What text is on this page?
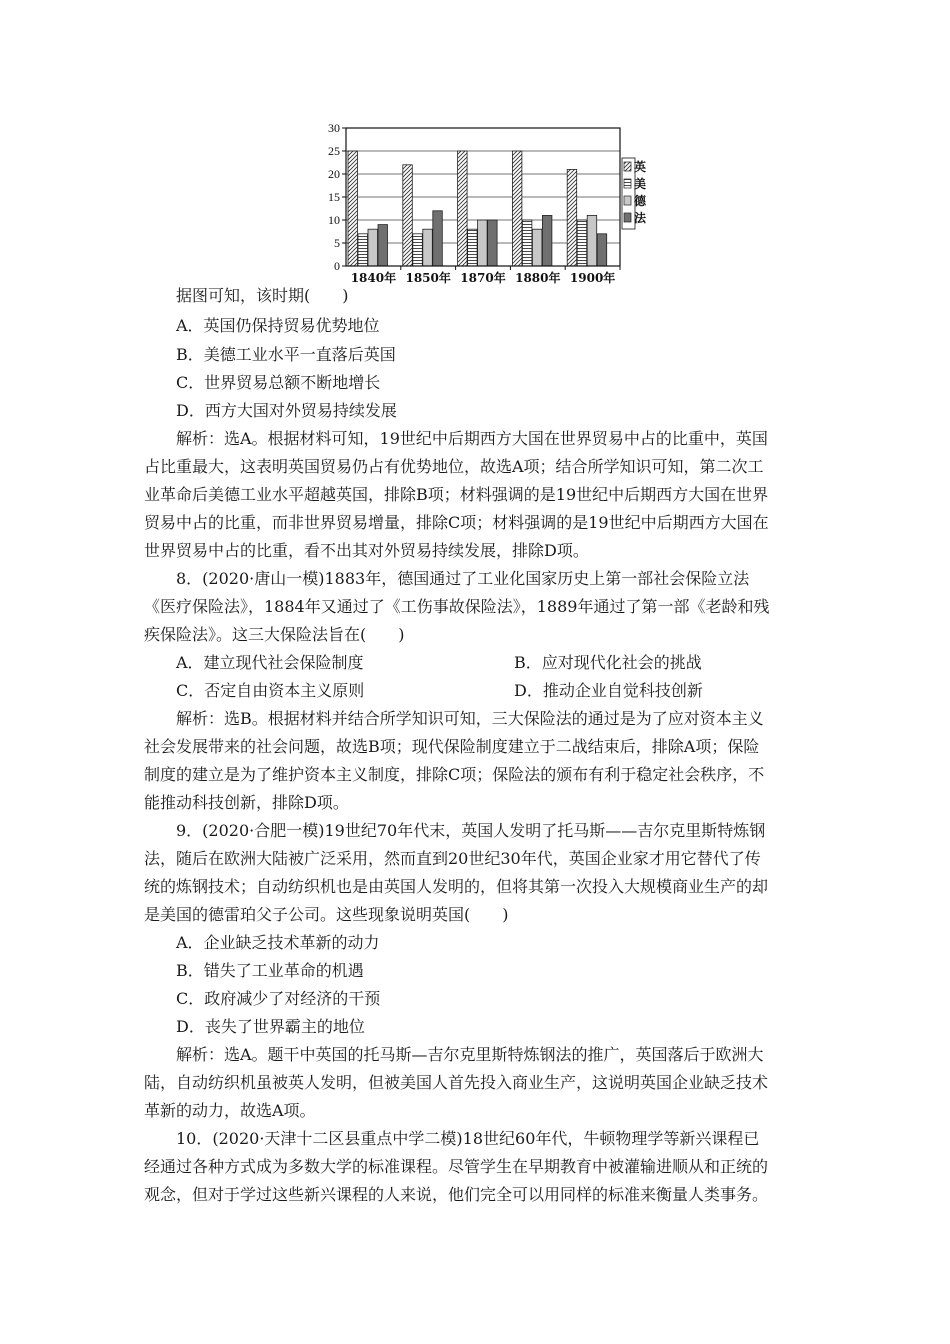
0
5
10
15
20
25
30
1840年 1850年 1870年 1880年 1900年
英
美
德
法
据图可知，该时期(　　)
A．英国仍保持贸易优势地位
B．美德工业水平一直落后英国
C．世界贸易总额不断地增长
D．西方大国对外贸易持续发展
解析：选A。根据材料可知，19世纪中后期西方大国在世界贸易中占的比重中，英国
占比重最大，这表明英国贸易仍占有优势地位，故选A项；结合所学知识可知，第二次工
业革命后美德工业水平超越英国，排除B项；材料强调的是19世纪中后期西方大国在世界
贸易中占的比重，而非世界贸易增量，排除C项；材料强调的是19世纪中后期西方大国在
世界贸易中占的比重，看不出其对外贸易持续发展，排除D项。
8．(2020·唐山一模)1883年，德国通过了工业化国家历史上第一部社会保险立法
《医疗保险法》，1884年又通过了《工伤事故保险法》，1889年通过了第一部《老龄和残
疾保险法》。这三大保险法旨在(　　)
A．建立现代社会保险制度	B．应对现代化社会的挑战
C．否定自由资本主义原则	D．推动企业自觉科技创新
解析：选B。根据材料并结合所学知识可知，三大保险法的通过是为了应对资本主义
社会发展带来的社会问题，故选B项；现代保险制度建立于二战结束后，排除A项；保险
制度的建立是为了维护资本主义制度，排除C项；保险法的颁布有利于稳定社会秩序，不
能推动科技创新，排除D项。
9．(2020·合肥一模)19世纪70年代末，英国人发明了托马斯——吉尔克里斯特炼钢
法，随后在欧洲大陆被广泛采用，然而直到20世纪30年代，英国企业家才用它替代了传
统的炼钢技术；自动纺织机也是由英国人发明的，但将其第一次投入大规模商业生产的却
是美国的德雷珀父子公司。这些现象说明英国(　　)
A．企业缺乏技术革新的动力
B．错失了工业革命的机遇
C．政府减少了对经济的干预
D．丧失了世界霸主的地位
解析：选A。题干中英国的托马斯—吉尔克里斯特炼钢法的推广，英国落后于欧洲大
陆，自动纺织机虽被英人发明，但被美国人首先投入商业生产，这说明英国企业缺乏技术
革新的动力，故选A项。
10．(2020·天津十二区县重点中学二模)18世纪60年代，牛顿物理学等新兴课程已
经通过各种方式成为多数大学的标准课程。尽管学生在早期教育中被灌输进顺从和正统的
观念，但对于学过这些新兴课程的人来说，他们完全可以用同样的标准来衡量人类事务。
